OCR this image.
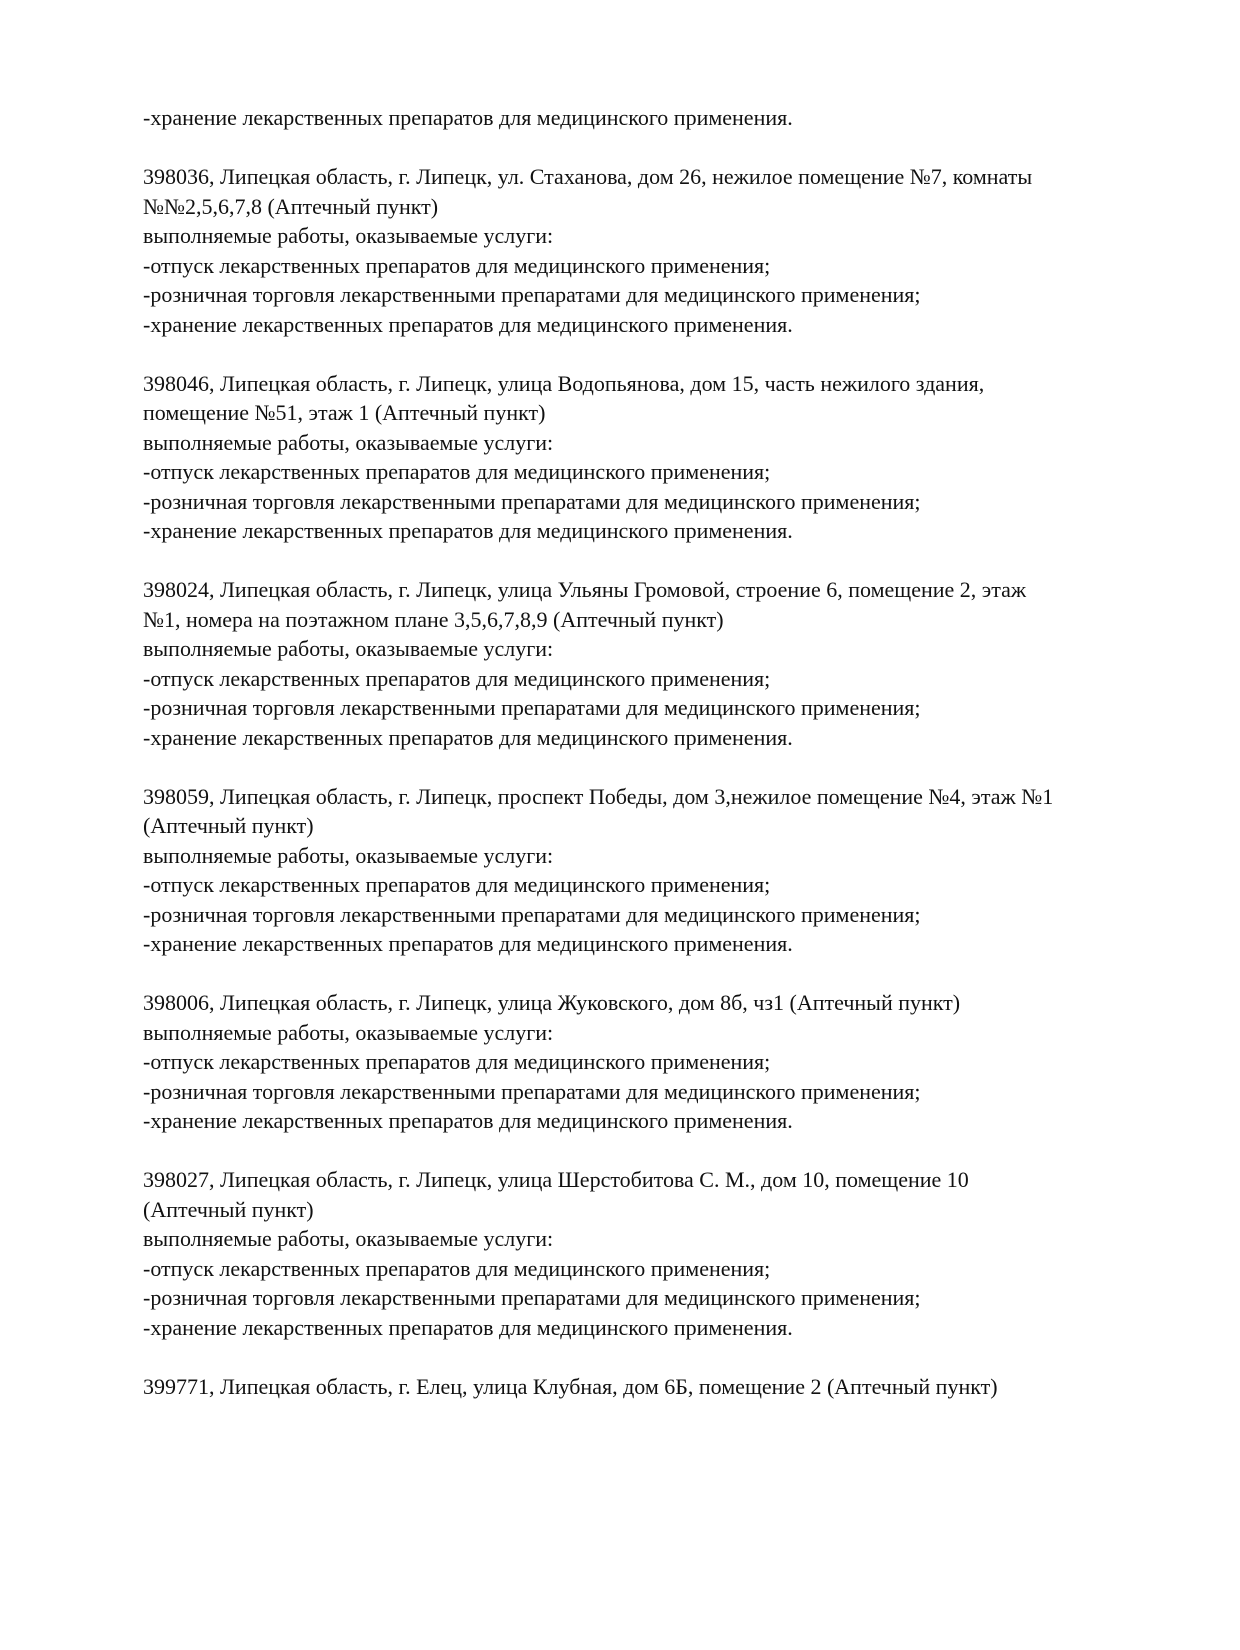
-хранение лекарственных препаратов для медицинского применения.
398036, Липецкая область, г. Липецк, ул. Стаханова, дом 26, нежилое помещение №7, комнаты
№№2,5,6,7,8 (Аптечный пункт)
выполняемые работы, оказываемые услуги:
-отпуск лекарственных препаратов для медицинского применения;
-розничная торговля лекарственными препаратами для медицинского применения;
-хранение лекарственных препаратов для медицинского применения.
398046, Липецкая область, г. Липецк, улица Водопьянова, дом 15, часть нежилого здания,
помещение №51, этаж 1 (Аптечный пункт)
выполняемые работы, оказываемые услуги:
-отпуск лекарственных препаратов для медицинского применения;
-розничная торговля лекарственными препаратами для медицинского применения;
-хранение лекарственных препаратов для медицинского применения.
398024, Липецкая область, г. Липецк, улица Ульяны Громовой, строение 6, помещение 2, этаж
№1, номера на поэтажном плане 3,5,6,7,8,9 (Аптечный пункт)
выполняемые работы, оказываемые услуги:
-отпуск лекарственных препаратов для медицинского применения;
-розничная торговля лекарственными препаратами для медицинского применения;
-хранение лекарственных препаратов для медицинского применения.
398059, Липецкая область, г. Липецк, проспект Победы, дом 3,нежилое помещение №4, этаж №1
(Аптечный пункт)
выполняемые работы, оказываемые услуги:
-отпуск лекарственных препаратов для медицинского применения;
-розничная торговля лекарственными препаратами для медицинского применения;
-хранение лекарственных препаратов для медицинского применения.
398006, Липецкая область, г. Липецк, улица Жуковского, дом 8б, чз1 (Аптечный пункт)
выполняемые работы, оказываемые услуги:
-отпуск лекарственных препаратов для медицинского применения;
-розничная торговля лекарственными препаратами для медицинского применения;
-хранение лекарственных препаратов для медицинского применения.
398027, Липецкая область, г. Липецк, улица Шерстобитова С. М., дом 10, помещение 10
(Аптечный пункт)
выполняемые работы, оказываемые услуги:
-отпуск лекарственных препаратов для медицинского применения;
-розничная торговля лекарственными препаратами для медицинского применения;
-хранение лекарственных препаратов для медицинского применения.
399771, Липецкая область, г. Елец, улица Клубная, дом 6Б, помещение 2 (Аптечный пункт)
